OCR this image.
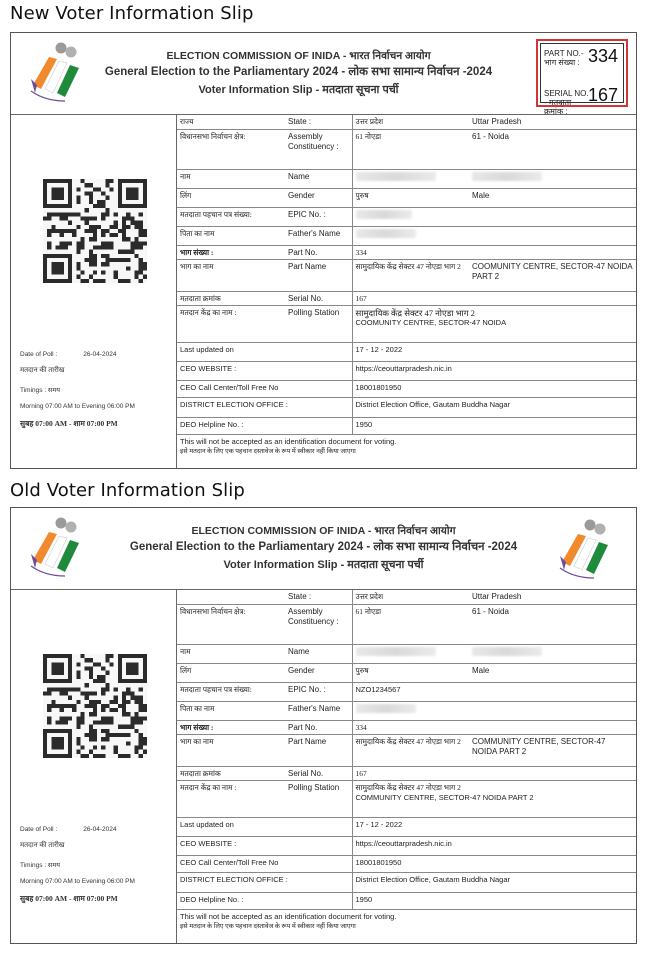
New Voter Information Slip
ELECTION COMMISSION OF INIDA - भारत निर्वाचन आयोग
General Election to the Parliamentary 2024 - लोक सभा सामान्य निर्वाचन -2024
Voter Information Slip - मतदाता सूचना पर्ची
PART NO.- भाग संख्या : 334
SERIAL NO. - मतदाता क्रमांक :
167
Date of Poll :	26-04-2024
मतदान की तारीख
Timings : समय
Morning 07:00 AM to Evening 06:00 PM
सुबह 07:00 AM - शाम 07:00 PM
राज्य	State :	उत्तर प्रदेश	Uttar Pradesh
विधानसभा निर्वाचन क्षेत्र:	Assembly Constituency :	61 नोएडा	61 - Noida
नाम	Name		
लिंग	Gender	पुरुष	Male
मतदाता पहचान पत्र संख्या:	EPIC No. :		
पिता का नाम	Father's Name		
भाग संख्या :	Part No.	334	
भाग का नाम	Part Name	सामुदायिक केंद्र सेक्टर 47 नोएडा भाग 2	COOMUNITY CENTRE, SECTOR-47 NOIDA PART 2
मतदाता क्रमांक	Serial No.	167	
मतदान केंद्र का नाम :	Polling Station	सामुदायिक केंद्र सेक्टर 47 नोएडा भाग 2
COOMUNITY CENTRE, SECTOR-47 NOIDA	

Last updated on		17 - 12 - 2022	
CEO WEBSITE :		https://ceouttarpradesh.nic.in	
CEO Call Center/Toll Free No		18001801950	
DISTRICT ELECTION OFFICE :		District Election Office, Gautam Buddha Nagar	
DEO Helpline No. :		1950	

This will not be accepted as an identification document for voting.
इसे मतदान के लिए एक पहचान दस्तावेज के रूप में स्वीकार नहीं किया जाएगा			
Old Voter Information Slip
ELECTION COMMISSION OF INIDA - भारत निर्वाचन आयोग
General Election to the Parliamentary 2024 - लोक सभा सामान्य निर्वाचन -2024
Voter Information Slip - मतदाता सूचना पर्ची
Date of Poll :	26-04-2024
मतदान की तारीख
Timings : समय
Morning 07:00 AM to Evening 06:00 PM
सुबह 07:00 AM - शाम 07:00 PM
	State :	उत्तर प्रदेश	Uttar Pradesh
विधानसभा निर्वाचन क्षेत्र:	Assembly Constituency :	61 नोएडा	61 - Noida
नाम	Name		
लिंग	Gender	पुरुष	Male
मतदाता पहचान पत्र संख्या:	EPIC No. :	NZO1234567	
पिता का नाम	Father's Name		
भाग संख्या :	Part No.	334	
भाग का नाम	Part Name	सामुदायिक केंद्र सेक्टर 47 नोएडा भाग 2	COMMUNITY CENTRE, SECTOR-47 NOIDA PART 2
मतदाता क्रमांक	Serial No.	167	
मतदान केंद्र का नाम :	Polling Station	सामुदायिक केंद्र सेक्टर 47 नोएडा भाग 2
COMMUNITY CENTRE, SECTOR-47 NOIDA PART 2	

Last updated on		17 - 12 - 2022	
CEO WEBSITE :		https://ceouttarpradesh.nic.in	
CEO Call Center/Toll Free No		18001801950	
DISTRICT ELECTION OFFICE :		District Election Office, Gautam Buddha Nagar	
DEO Helpline No. :		1950	

This will not be accepted as an identification document for voting.
इसे मतदान के लिए एक पहचान दस्तावेज के रूप में स्वीकार नहीं किया जाएगा			
